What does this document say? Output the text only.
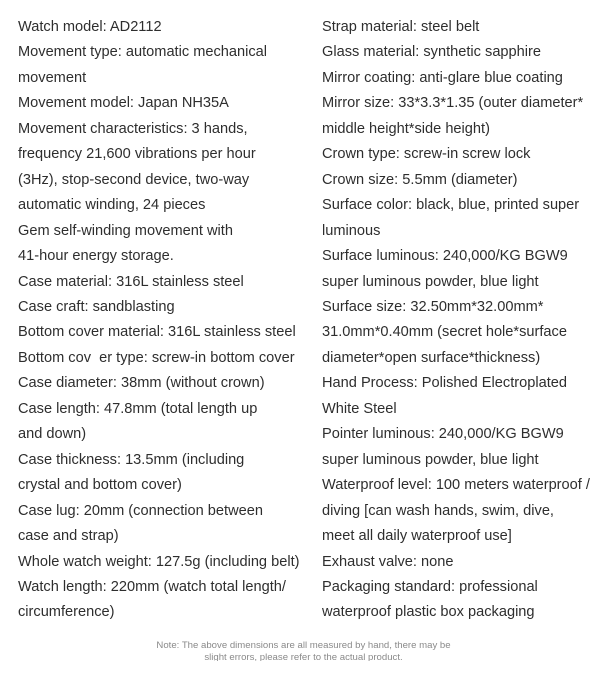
Watch model: AD2112
Movement type: automatic mechanical
movement
Movement model: Japan NH35A
Movement characteristics: 3 hands,
frequency 21,600 vibrations per hour
(3Hz), stop-second device, two-way
automatic winding, 24 pieces
Gem self-winding movement with
41-hour energy storage.
Case material: 316L stainless steel
Case craft: sandblasting
Bottom cover material: 316L stainless steel
Bottom cov  er type: screw-in bottom cover
Case diameter: 38mm (without crown)
Case length: 47.8mm (total length up
and down)
Case thickness: 13.5mm (including
crystal and bottom cover)
Case lug: 20mm (connection between
case and strap)
Whole watch weight: 127.5g (including belt)
Watch length: 220mm (watch total length/
circumference)
Strap material: steel belt
Glass material: synthetic sapphire
Mirror coating: anti-glare blue coating
Mirror size: 33*3.3*1.35 (outer diameter*
middle height*side height)
Crown type: screw-in screw lock
Crown size: 5.5mm (diameter)
Surface color: black, blue, printed super
luminous
Surface luminous: 240,000/KG BGW9
super luminous powder, blue light
Surface size: 32.50mm*32.00mm*
31.0mm*0.40mm (secret hole*surface
diameter*open surface*thickness)
Hand Process: Polished Electroplated
White Steel
Pointer luminous: 240,000/KG BGW9
super luminous powder, blue light
Waterproof level: 100 meters waterproof /
diving [can wash hands, swim, dive,
meet all daily waterproof use]
Exhaust valve: none
Packaging standard: professional
waterproof plastic box packaging

Note: The above dimensions are all measured by hand, there may be
slight errors, please refer to the actual product.
